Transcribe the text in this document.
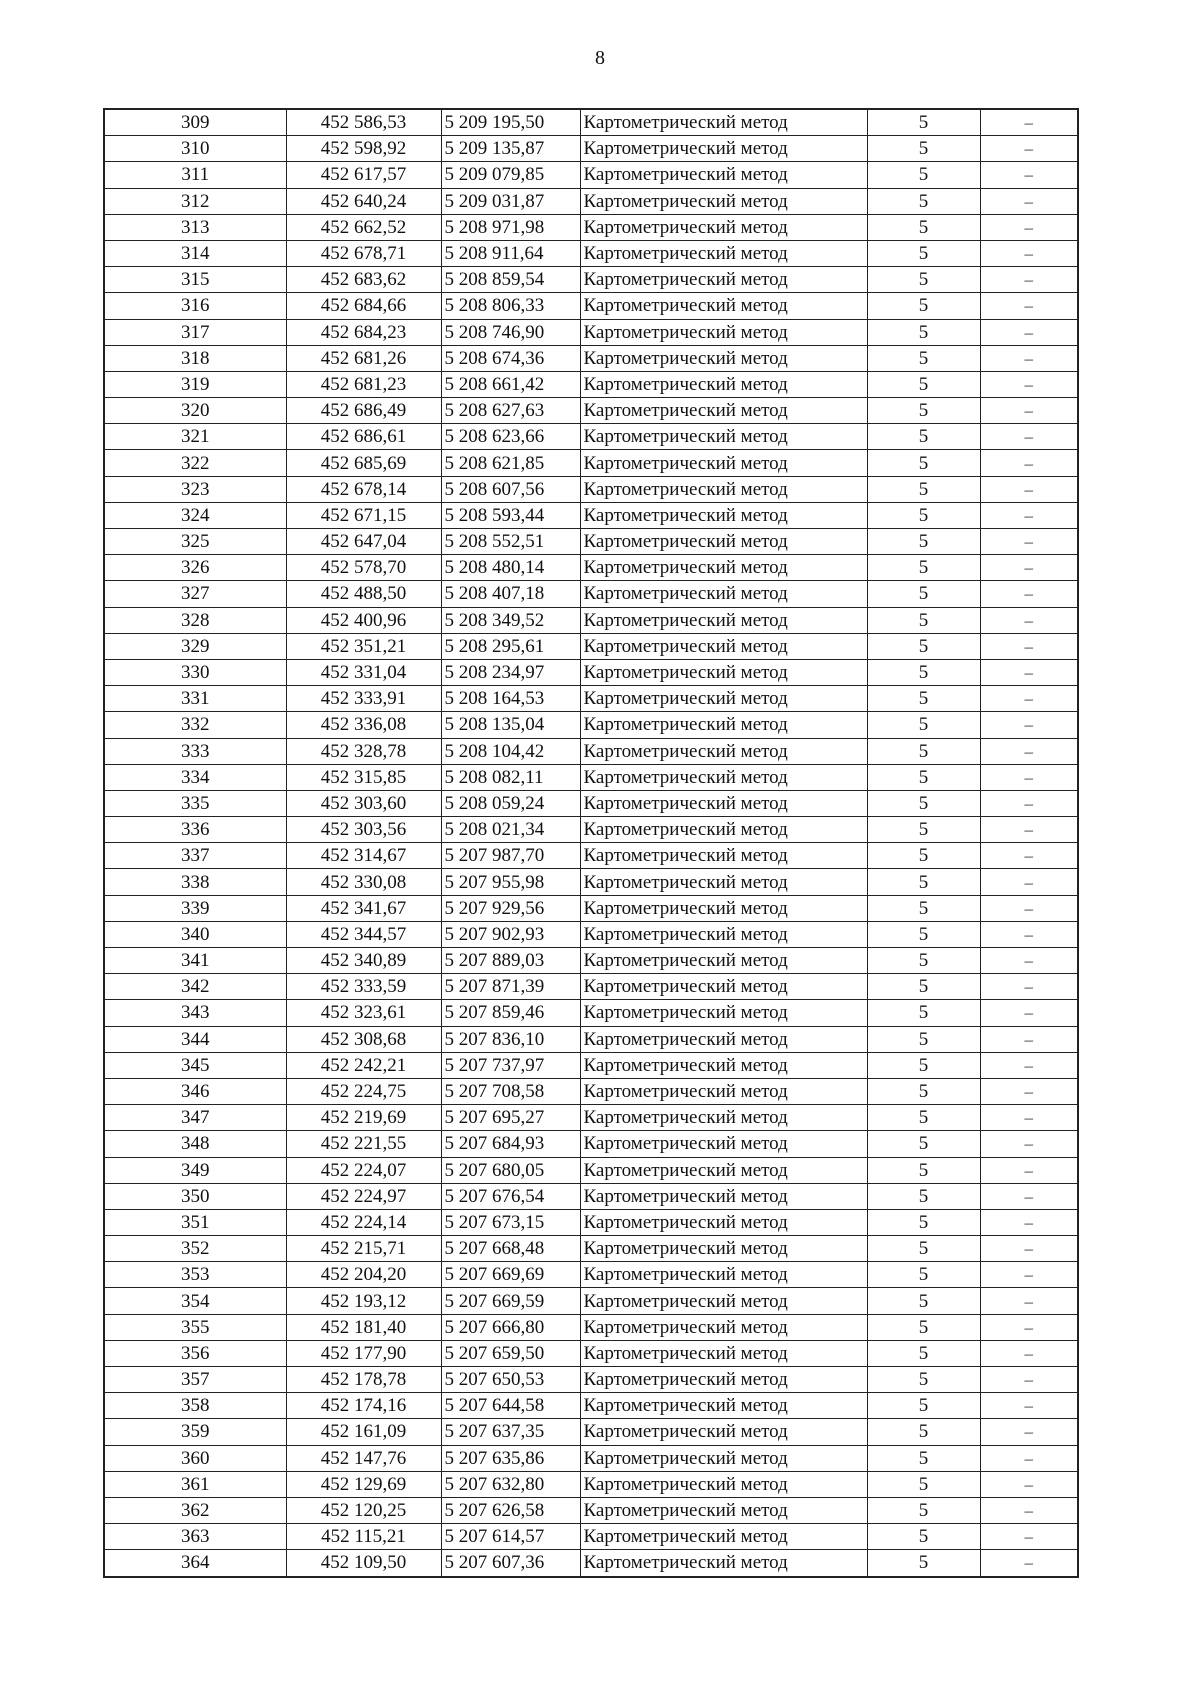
8
309	452 586,53	5 209 195,50	Картометрический метод	5	–
310	452 598,92	5 209 135,87	Картометрический метод	5	–
311	452 617,57	5 209 079,85	Картометрический метод	5	–
312	452 640,24	5 209 031,87	Картометрический метод	5	–
313	452 662,52	5 208 971,98	Картометрический метод	5	–
314	452 678,71	5 208 911,64	Картометрический метод	5	–
315	452 683,62	5 208 859,54	Картометрический метод	5	–
316	452 684,66	5 208 806,33	Картометрический метод	5	–
317	452 684,23	5 208 746,90	Картометрический метод	5	–
318	452 681,26	5 208 674,36	Картометрический метод	5	–
319	452 681,23	5 208 661,42	Картометрический метод	5	–
320	452 686,49	5 208 627,63	Картометрический метод	5	–
321	452 686,61	5 208 623,66	Картометрический метод	5	–
322	452 685,69	5 208 621,85	Картометрический метод	5	–
323	452 678,14	5 208 607,56	Картометрический метод	5	–
324	452 671,15	5 208 593,44	Картометрический метод	5	–
325	452 647,04	5 208 552,51	Картометрический метод	5	–
326	452 578,70	5 208 480,14	Картометрический метод	5	–
327	452 488,50	5 208 407,18	Картометрический метод	5	–
328	452 400,96	5 208 349,52	Картометрический метод	5	–
329	452 351,21	5 208 295,61	Картометрический метод	5	–
330	452 331,04	5 208 234,97	Картометрический метод	5	–
331	452 333,91	5 208 164,53	Картометрический метод	5	–
332	452 336,08	5 208 135,04	Картометрический метод	5	–
333	452 328,78	5 208 104,42	Картометрический метод	5	–
334	452 315,85	5 208 082,11	Картометрический метод	5	–
335	452 303,60	5 208 059,24	Картометрический метод	5	–
336	452 303,56	5 208 021,34	Картометрический метод	5	–
337	452 314,67	5 207 987,70	Картометрический метод	5	–
338	452 330,08	5 207 955,98	Картометрический метод	5	–
339	452 341,67	5 207 929,56	Картометрический метод	5	–
340	452 344,57	5 207 902,93	Картометрический метод	5	–
341	452 340,89	5 207 889,03	Картометрический метод	5	–
342	452 333,59	5 207 871,39	Картометрический метод	5	–
343	452 323,61	5 207 859,46	Картометрический метод	5	–
344	452 308,68	5 207 836,10	Картометрический метод	5	–
345	452 242,21	5 207 737,97	Картометрический метод	5	–
346	452 224,75	5 207 708,58	Картометрический метод	5	–
347	452 219,69	5 207 695,27	Картометрический метод	5	–
348	452 221,55	5 207 684,93	Картометрический метод	5	–
349	452 224,07	5 207 680,05	Картометрический метод	5	–
350	452 224,97	5 207 676,54	Картометрический метод	5	–
351	452 224,14	5 207 673,15	Картометрический метод	5	–
352	452 215,71	5 207 668,48	Картометрический метод	5	–
353	452 204,20	5 207 669,69	Картометрический метод	5	–
354	452 193,12	5 207 669,59	Картометрический метод	5	–
355	452 181,40	5 207 666,80	Картометрический метод	5	–
356	452 177,90	5 207 659,50	Картометрический метод	5	–
357	452 178,78	5 207 650,53	Картометрический метод	5	–
358	452 174,16	5 207 644,58	Картометрический метод	5	–
359	452 161,09	5 207 637,35	Картометрический метод	5	–
360	452 147,76	5 207 635,86	Картометрический метод	5	–
361	452 129,69	5 207 632,80	Картометрический метод	5	–
362	452 120,25	5 207 626,58	Картометрический метод	5	–
363	452 115,21	5 207 614,57	Картометрический метод	5	–
364	452 109,50	5 207 607,36	Картометрический метод	5	–
